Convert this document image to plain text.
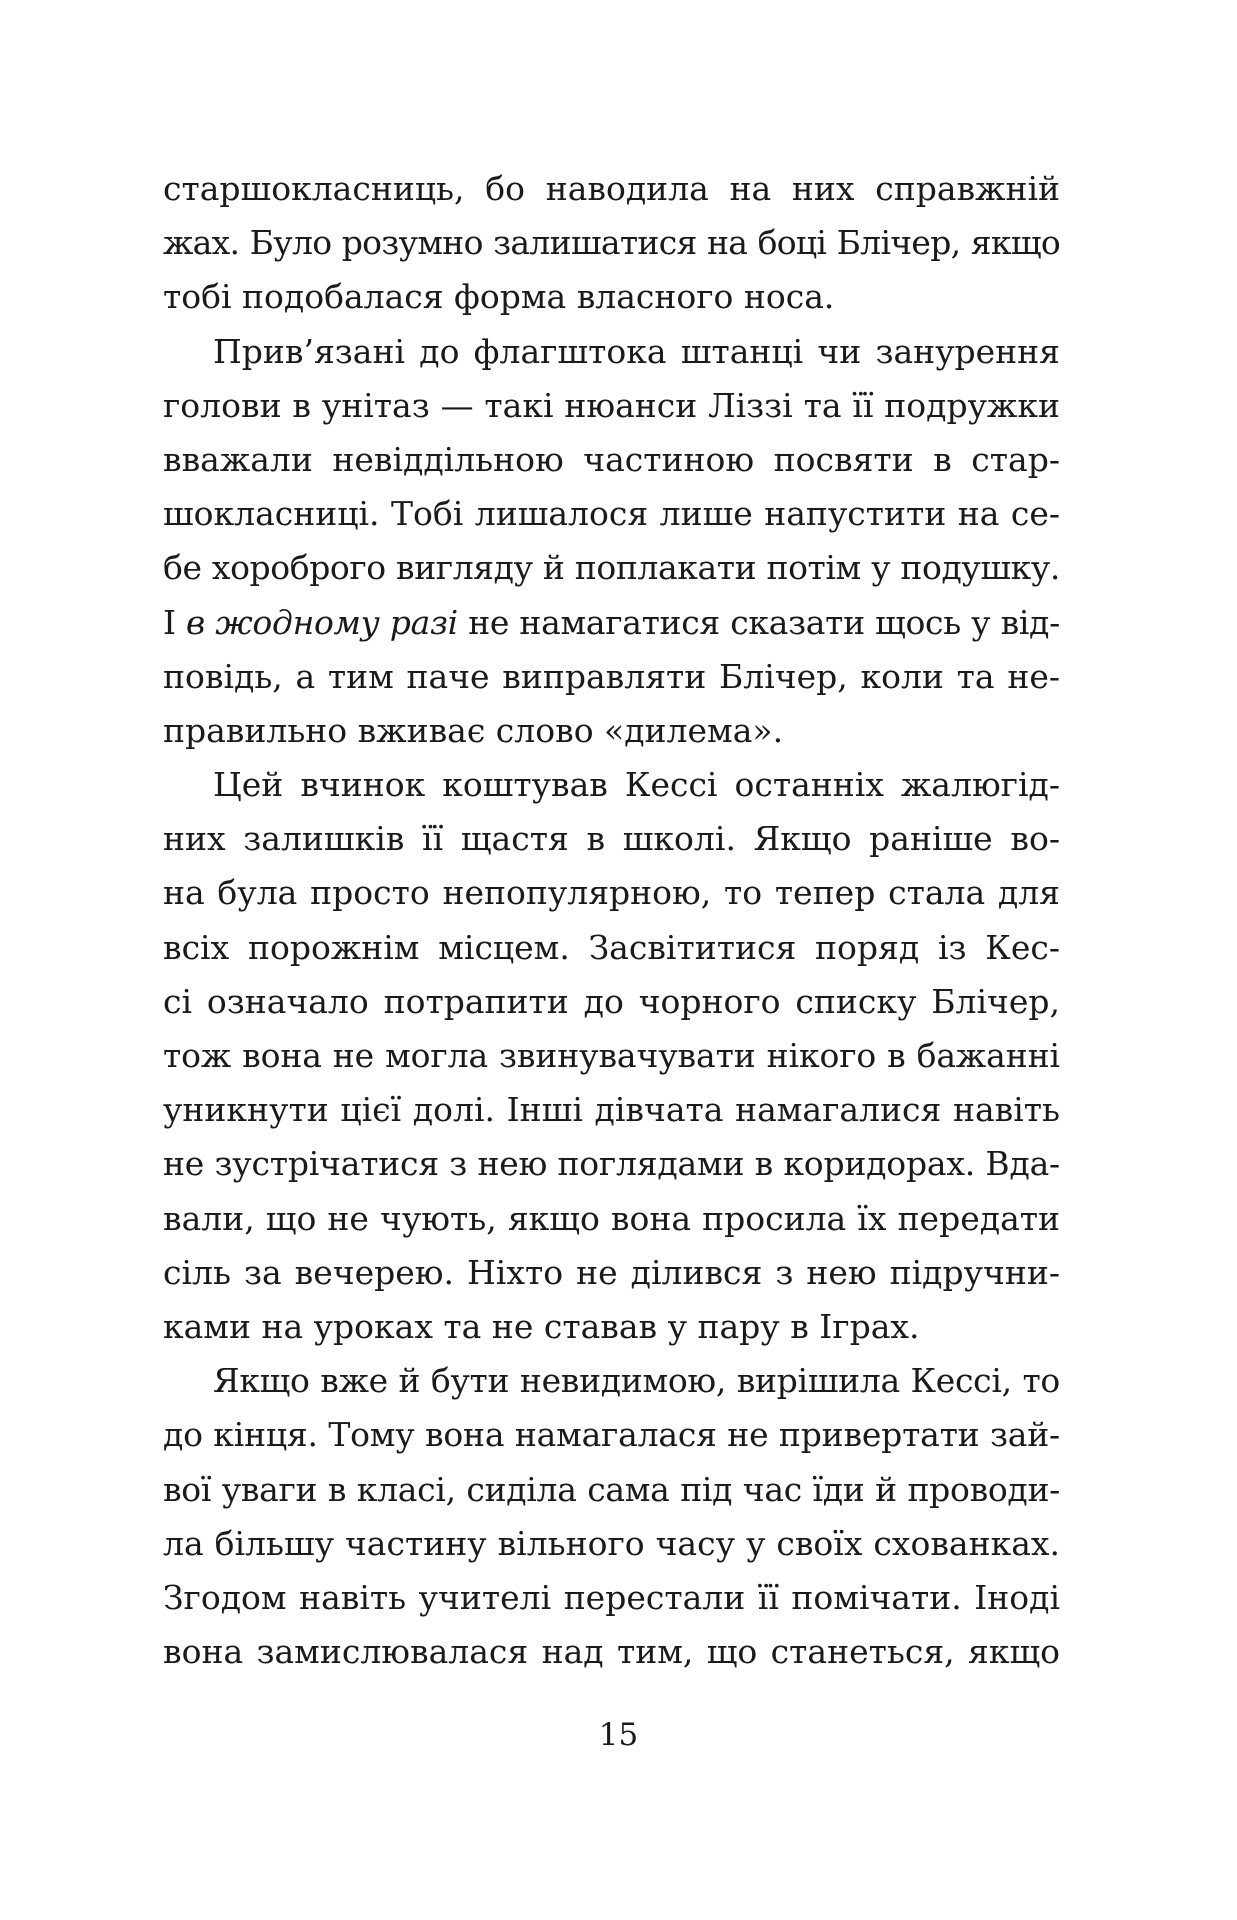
старшокласниць, бо наводила на них справжній
жах. Було розумно залишатися на боці Блічер, якщо
тобі подобалася форма власного носа.
Прив’язані до флагштока штанці чи занурення
голови в унітаз — такі нюанси Ліззі та її подружки
вважали невіддільною частиною посвяти в стар-
шокласниці. Тобі лишалося лише напустити на се-
бе хороброго вигляду й поплакати потім у подушку.
І в жодному разі не намагатися сказати щось у від-
повідь, а тим паче виправляти Блічер, коли та не-
правильно вживає слово «дилема».
Цей вчинок коштував Кессі останніх жалюгід-
них залишків її щастя в школі. Якщо раніше во-
на була просто непопулярною, то тепер стала для
всіх порожнім місцем. Засвітитися поряд із Кес-
сі означало потрапити до чорного списку Блічер,
тож вона не могла звинувачувати нікого в бажанні
уникнути цієї долі. Інші дівчата намагалися навіть
не зустрічатися з нею поглядами в коридорах. Вда-
вали, що не чують, якщо вона просила їх передати
сіль за вечерею. Ніхто не ділився з нею підручни-
ками на уроках та не ставав у пару в Іграх.
Якщо вже й бути невидимою, вирішила Кессі, то
до кінця. Тому вона намагалася не привертати зай-
вої уваги в класі, сиділа сама під час їди й проводи-
ла більшу частину вільного часу у своїх схованках.
Згодом навіть учителі перестали її помічати. Іноді
вона замислювалася над тим, що станеться, якщо
15
